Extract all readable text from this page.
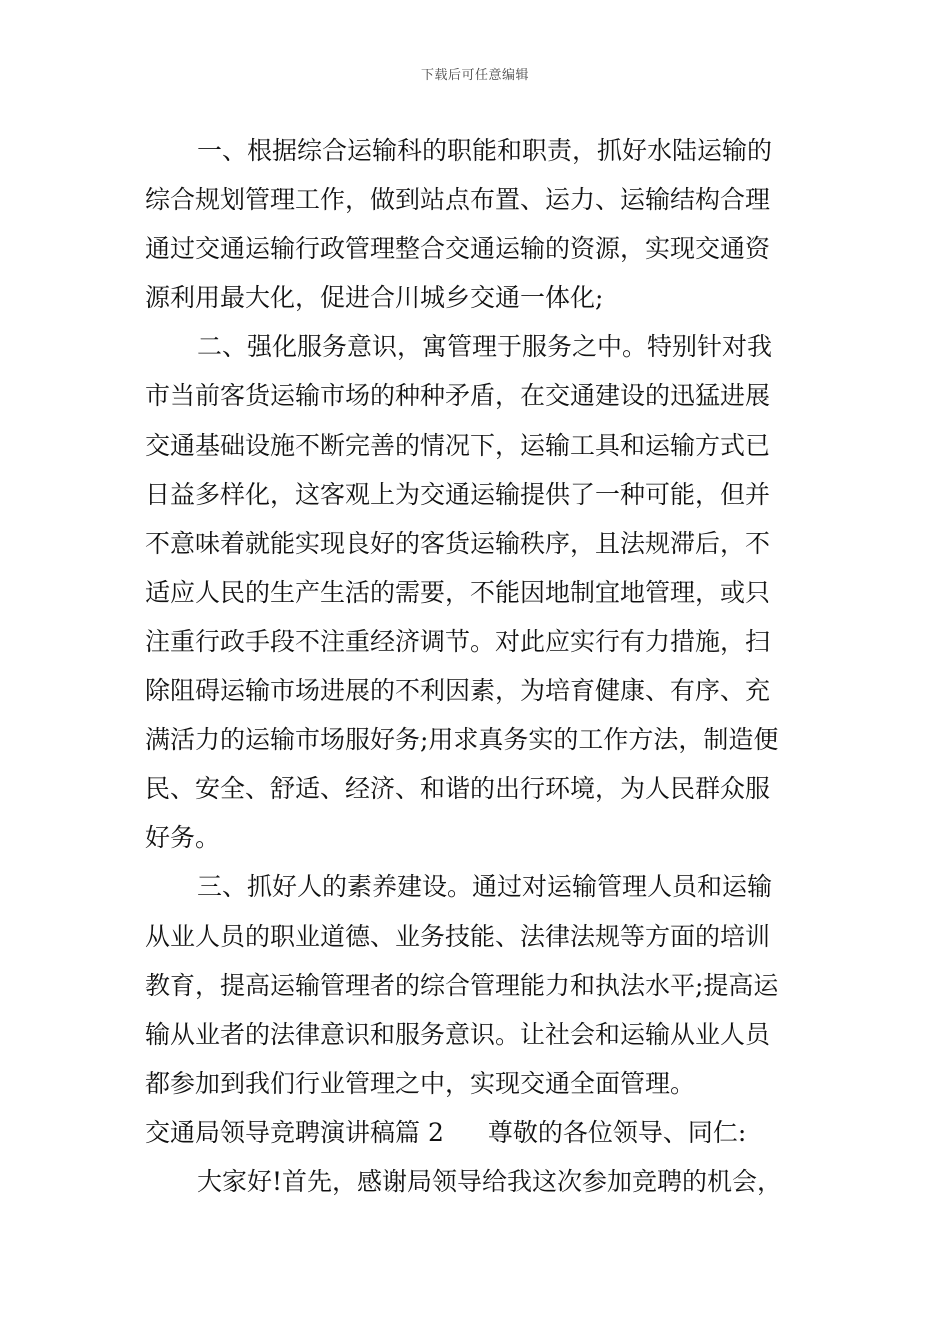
下载后可任意编辑
一、根据综合运输科的职能和职责，抓好水陆运输的
综合规划管理工作，做到站点布置、运力、运输结构合理
通过交通运输行政管理整合交通运输的资源，实现交通资
源利用最大化，促进合川城乡交通一体化;
二、强化服务意识，寓管理于服务之中。特别针对我
市当前客货运输市场的种种矛盾，在交通建设的迅猛进展
交通基础设施不断完善的情况下，运输工具和运输方式已
日益多样化，这客观上为交通运输提供了一种可能，但并
不意味着就能实现良好的客货运输秩序，且法规滞后，不
适应人民的生产生活的需要，不能因地制宜地管理，或只
注重行政手段不注重经济调节。对此应实行有力措施，扫
除阻碍运输市场进展的不利因素，为培育健康、有序、充
满活力的运输市场服好务;用求真务实的工作方法，制造便
民、安全、舒适、经济、和谐的出行环境，为人民群众服
好务。
三、抓好人的素养建设。通过对运输管理人员和运输
从业人员的职业道德、业务技能、法律法规等方面的培训
教育，提高运输管理者的综合管理能力和执法水平;提高运
输从业者的法律意识和服务意识。让社会和运输从业人员
都参加到我们行业管理之中，实现交通全面管理。
交通局领导竞聘演讲稿篇 2 尊敬的各位领导、同仁:
大家好!首先，感谢局领导给我这次参加竞聘的机会，
